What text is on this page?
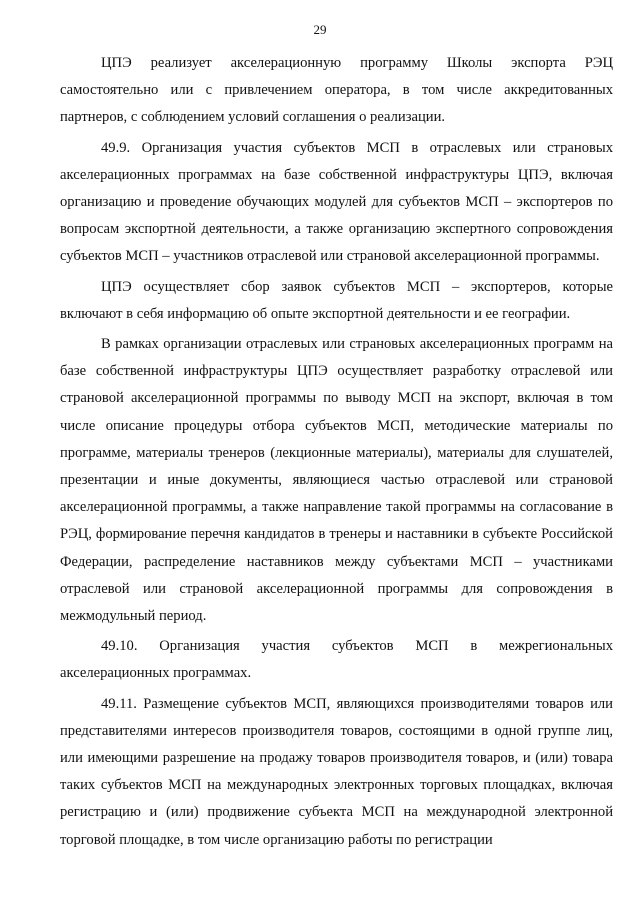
29

ЦПЭ реализует акселерационную программу Школы экспорта РЭЦ самостоятельно или с привлечением оператора, в том числе аккредитованных партнеров, с соблюдением условий соглашения о реализации.

49.9. Организация участия субъектов МСП в отраслевых или страновых акселерационных программах на базе собственной инфраструктуры ЦПЭ, включая организацию и проведение обучающих модулей для субъектов МСП – экспортеров по вопросам экспортной деятельности, а также организацию экспертного сопровождения субъектов МСП – участников отраслевой или страновой акселерационной программы.

ЦПЭ осуществляет сбор заявок субъектов МСП – экспортеров, которые включают в себя информацию об опыте экспортной деятельности и ее географии.

В рамках организации отраслевых или страновых акселерационных программ на базе собственной инфраструктуры ЦПЭ осуществляет разработку отраслевой или страновой акселерационной программы по выводу МСП на экспорт, включая в том числе описание процедуры отбора субъектов МСП, методические материалы по программе, материалы тренеров (лекционные материалы), материалы для слушателей, презентации и иные документы, являющиеся частью отраслевой или страновой акселерационной программы, а также направление такой программы на согласование в РЭЦ, формирование перечня кандидатов в тренеры и наставники в субъекте Российской Федерации, распределение наставников между субъектами МСП – участниками отраслевой или страновой акселерационной программы для сопровождения в межмодульный период.

49.10. Организация участия субъектов МСП в межрегиональных акселерационных программах.

49.11. Размещение субъектов МСП, являющихся производителями товаров или представителями интересов производителя товаров, состоящими в одной группе лиц, или имеющими разрешение на продажу товаров производителя товаров, и (или) товара таких субъектов МСП на международных электронных торговых площадках, включая регистрацию и (или) продвижение субъекта МСП на международной электронной торговой площадке, в том числе организацию работы по регистрации
